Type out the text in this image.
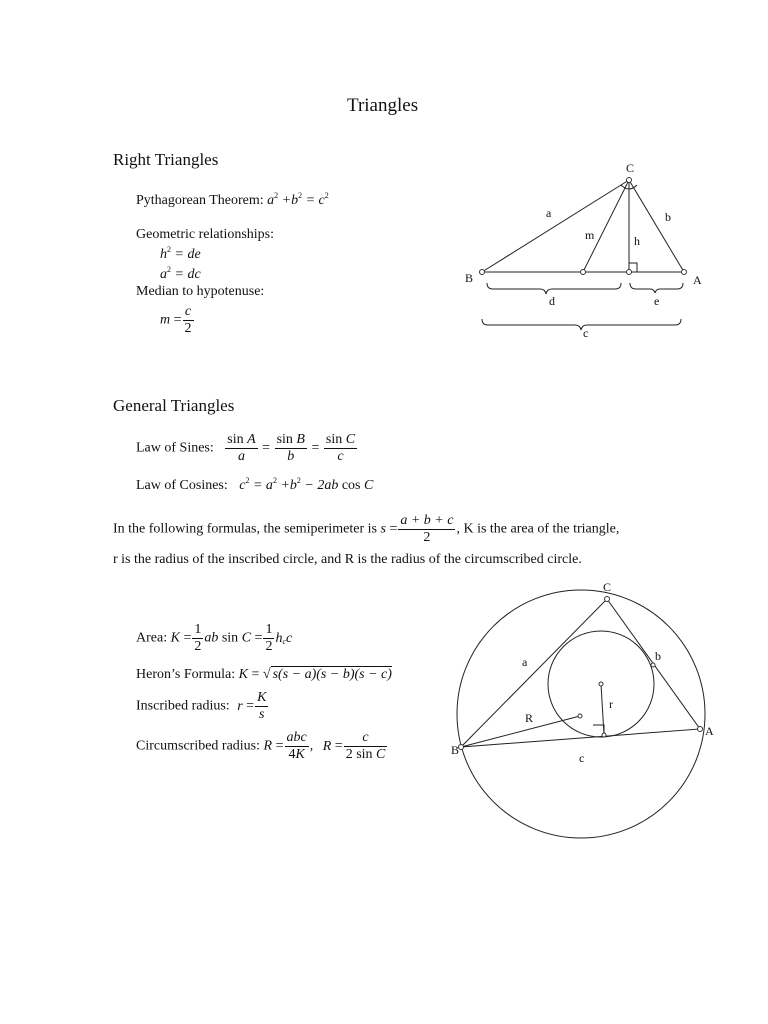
Triangles
Right Triangles
Pythagorean Theorem: $a^2 +b^2 = c^2$
Geometric relationships:
$h^2$ = de
$a^2$ = dc
Median to hypotenuse:
$m = \frac{c}{2}$
C
B	A
a	b
m	h
d	e
c
General Triangles
Law of Sines: $\frac{\text{sin A}}{a} = \frac{\text{sin B}}{b} = \frac{\text{sin C}}{c}$
Law of Cosines: $c^2 = a^2 +b^2 - 2ab$ cos C
In the following formulas, the semiperimeter is $s = \frac{a + b + c}{2}$ , K is the area of the triangle,
r is the radius of the inscribed circle, and R is the radius of the circumscribed circle.
Area: $K = \frac{1}{2}$ ab $\sin C = \frac{1}{2} h_cc$
Heron’s Formula: K = √ s(s − a)(s − b)(s − c)
Inscribed radius: $r = \frac{K}{s}$
Circumscribed radius: $R = \frac{\text{abc}}{4K}$ , $R = \frac{c}{\text{2 sin C}}$
C
B
A
a	b
R
r
c
